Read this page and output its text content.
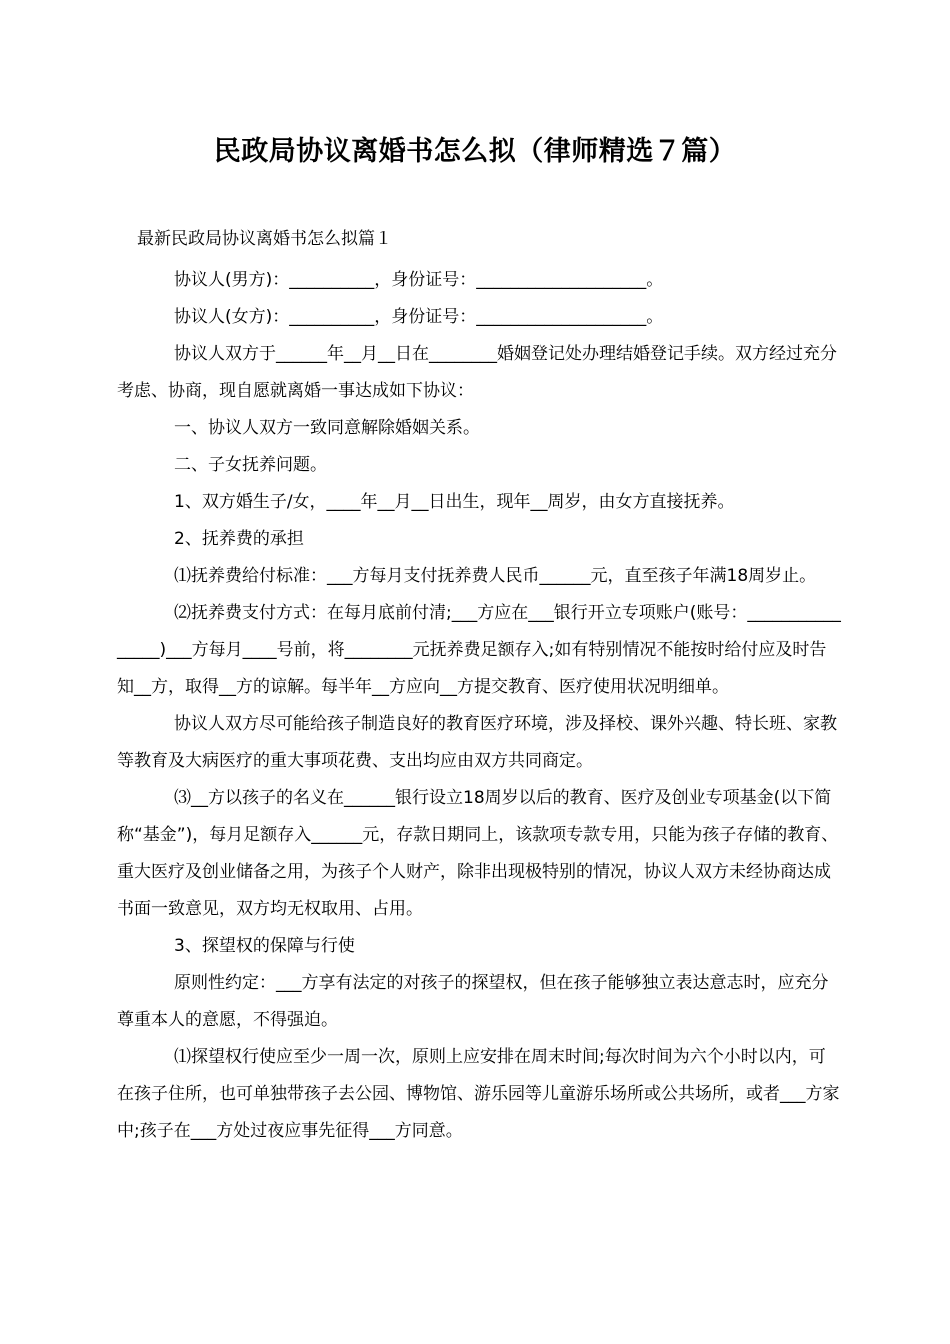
民政局协议离婚书怎么拟（律师精选７篇）
最新民政局协议离婚书怎么拟篇１

协议人(男方)：__________，身份证号：____________________。

协议人(女方)：__________，身份证号：____________________。

协议人双方于______年__月__日在________婚姻登记处办理结婚登记手续。双方经过充分考虑、协商，现自愿就离婚一事达成如下协议：

一、协议人双方一致同意解除婚姻关系。

二、子女抚养问题。

1、双方婚生子/女，____年__月__日出生，现年__周岁，由女方直接抚养。

2、抚养费的承担

⑴抚养费给付标准：___方每月支付抚养费人民币______元，直至孩子年满18周岁止。

⑵抚养费支付方式：在每月底前付清;___方应在___银行开立专项账户(账号：________________)___方每月____号前，将________元抚养费足额存入;如有特别情况不能按时给付应及时告知__方，取得__方的谅解。每半年__方应向__方提交教育、医疗使用状况明细单。

协议人双方尽可能给孩子制造良好的教育医疗环境，涉及择校、课外兴趣、特长班、家教等教育及大病医疗的重大事项花费、支出均应由双方共同商定。

⑶__方以孩子的名义在______银行设立18周岁以后的教育、医疗及创业专项基金(以下简称“基金”)，每月足额存入______元，存款日期同上，该款项专款专用，只能为孩子存储的教育、重大医疗及创业储备之用，为孩子个人财产，除非出现极特别的情况，协议人双方未经协商达成书面一致意见，双方均无权取用、占用。

3、探望权的保障与行使

原则性约定：___方享有法定的对孩子的探望权，但在孩子能够独立表达意志时，应充分尊重本人的意愿，不得强迫。

⑴探望权行使应至少一周一次，原则上应安排在周末时间;每次时间为六个小时以内，可在孩子住所，也可单独带孩子去公园、博物馆、游乐园等儿童游乐场所或公共场所，或者___方家中;孩子在___方处过夜应事先征得___方同意。
